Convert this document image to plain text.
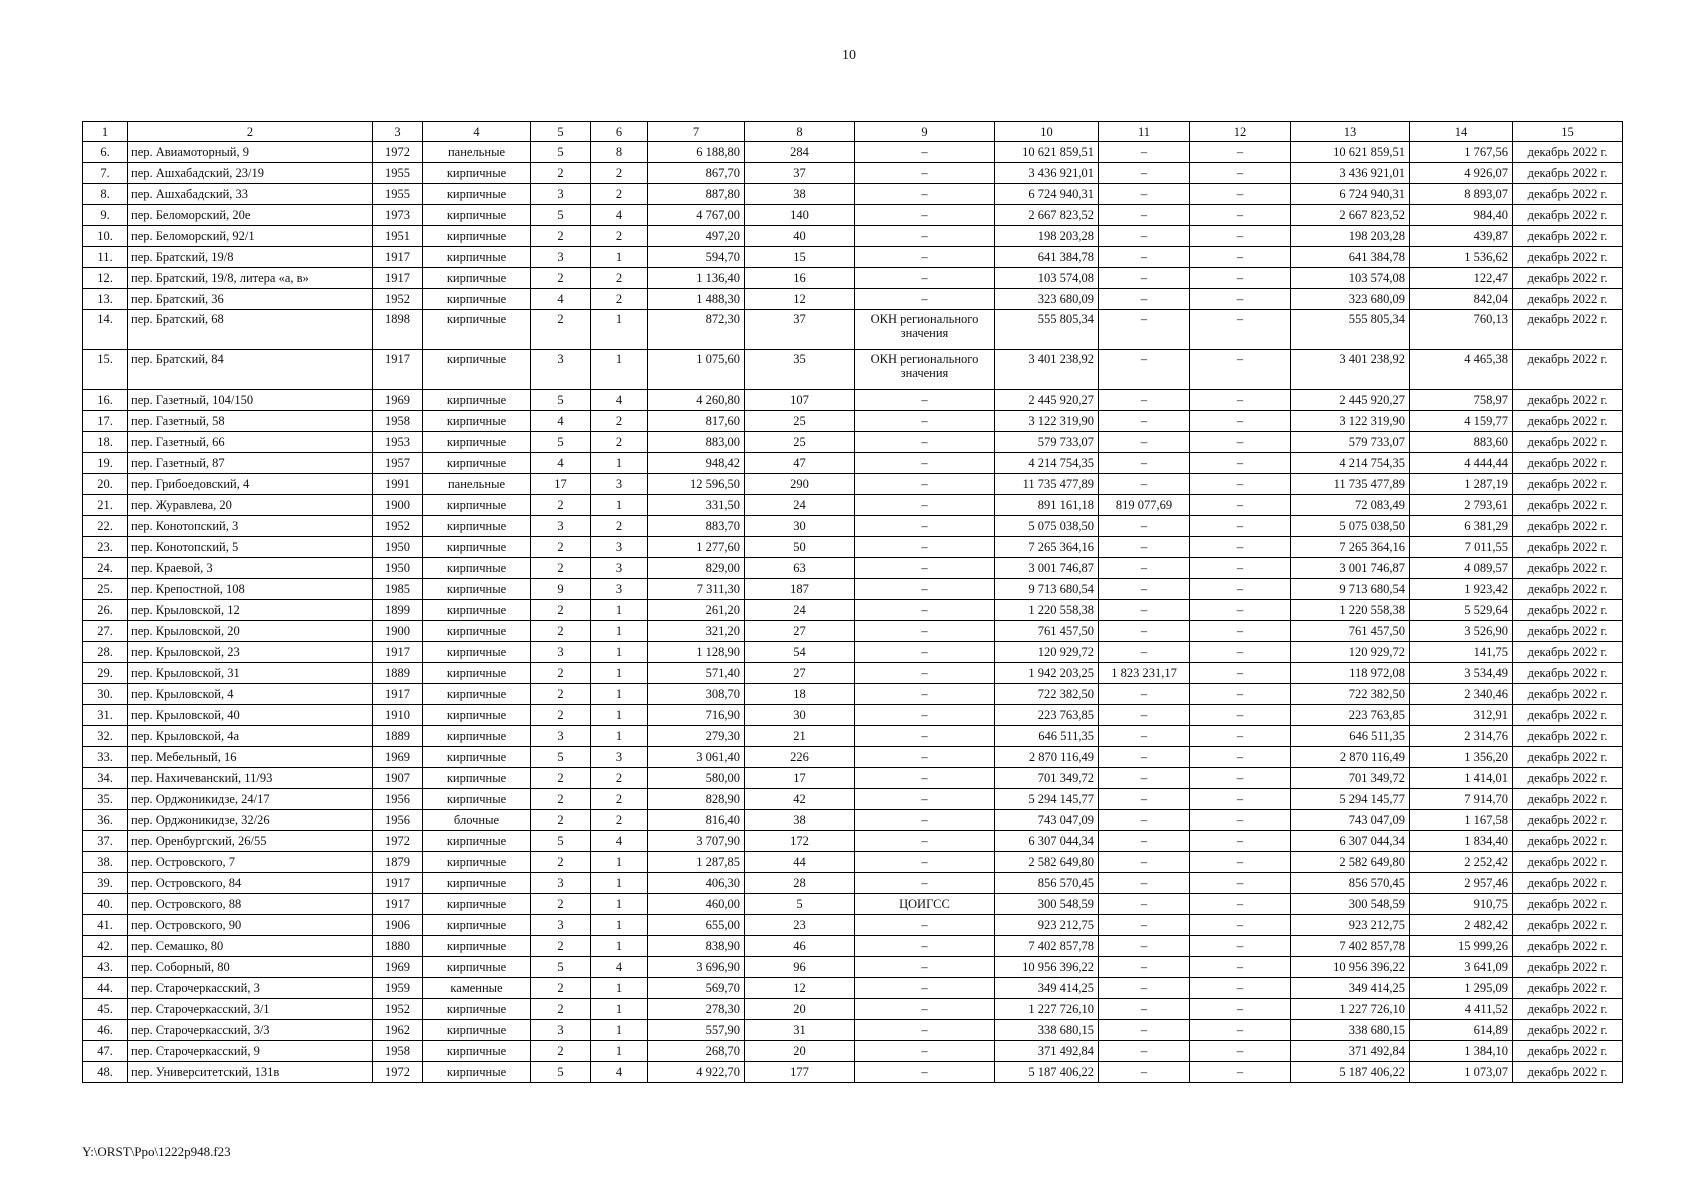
10
1	2	3	4	5	6	7	8	9	10	11	12	13	14	15
6.	пер. Авиамоторный, 9	1972	панельные	5	8	6 188,80	284	–	10 621 859,51	–	–	10 621 859,51	1 767,56	декабрь 2022 г.
7.	пер. Ашхабадский, 23/19	1955	кирпичные	2	2	867,70	37	–	3 436 921,01	–	–	3 436 921,01	4 926,07	декабрь 2022 г.
8.	пер. Ашхабадский, 33	1955	кирпичные	3	2	887,80	38	–	6 724 940,31	–	–	6 724 940,31	8 893,07	декабрь 2022 г.
9.	пер. Беломорский, 20е	1973	кирпичные	5	4	4 767,00	140	–	2 667 823,52	–	–	2 667 823,52	984,40	декабрь 2022 г.
10.	пер. Беломорский, 92/1	1951	кирпичные	2	2	497,20	40	–	198 203,28	–	–	198 203,28	439,87	декабрь 2022 г.
11.	пер. Братский, 19/8	1917	кирпичные	3	1	594,70	15	–	641 384,78	–	–	641 384,78	1 536,62	декабрь 2022 г.
12.	пер. Братский, 19/8, литера «а, в»	1917	кирпичные	2	2	1 136,40	16	–	103 574,08	–	–	103 574,08	122,47	декабрь 2022 г.
13.	пер. Братский, 36	1952	кирпичные	4	2	1 488,30	12	–	323 680,09	–	–	323 680,09	842,04	декабрь 2022 г.
14.	пер. Братский, 68	1898	кирпичные	2	1	872,30	37	ОКН регионального значения	555 805,34	–	–	555 805,34	760,13	декабрь 2022 г.
15.	пер. Братский, 84	1917	кирпичные	3	1	1 075,60	35	ОКН регионального значения	3 401 238,92	–	–	3 401 238,92	4 465,38	декабрь 2022 г.
16.	пер. Газетный, 104/150	1969	кирпичные	5	4	4 260,80	107	–	2 445 920,27	–	–	2 445 920,27	758,97	декабрь 2022 г.
17.	пер. Газетный, 58	1958	кирпичные	4	2	817,60	25	–	3 122 319,90	–	–	3 122 319,90	4 159,77	декабрь 2022 г.
18.	пер. Газетный, 66	1953	кирпичные	5	2	883,00	25	–	579 733,07	–	–	579 733,07	883,60	декабрь 2022 г.
19.	пер. Газетный, 87	1957	кирпичные	4	1	948,42	47	–	4 214 754,35	–	–	4 214 754,35	4 444,44	декабрь 2022 г.
20.	пер. Грибоедовский, 4	1991	панельные	17	3	12 596,50	290	–	11 735 477,89	–	–	11 735 477,89	1 287,19	декабрь 2022 г.
21.	пер. Журавлева, 20	1900	кирпичные	2	1	331,50	24	–	891 161,18	819 077,69	–	72 083,49	2 793,61	декабрь 2022 г.
22.	пер. Конотопский, 3	1952	кирпичные	3	2	883,70	30	–	5 075 038,50	–	–	5 075 038,50	6 381,29	декабрь 2022 г.
23.	пер. Конотопский, 5	1950	кирпичные	2	3	1 277,60	50	–	7 265 364,16	–	–	7 265 364,16	7 011,55	декабрь 2022 г.
24.	пер. Краевой, 3	1950	кирпичные	2	3	829,00	63	–	3 001 746,87	–	–	3 001 746,87	4 089,57	декабрь 2022 г.
25.	пер. Крепостной, 108	1985	кирпичные	9	3	7 311,30	187	–	9 713 680,54	–	–	9 713 680,54	1 923,42	декабрь 2022 г.
26.	пер. Крыловской, 12	1899	кирпичные	2	1	261,20	24	–	1 220 558,38	–	–	1 220 558,38	5 529,64	декабрь 2022 г.
27.	пер. Крыловской, 20	1900	кирпичные	2	1	321,20	27	–	761 457,50	–	–	761 457,50	3 526,90	декабрь 2022 г.
28.	пер. Крыловской, 23	1917	кирпичные	3	1	1 128,90	54	–	120 929,72	–	–	120 929,72	141,75	декабрь 2022 г.
29.	пер. Крыловской, 31	1889	кирпичные	2	1	571,40	27	–	1 942 203,25	1 823 231,17	–	118 972,08	3 534,49	декабрь 2022 г.
30.	пер. Крыловской, 4	1917	кирпичные	2	1	308,70	18	–	722 382,50	–	–	722 382,50	2 340,46	декабрь 2022 г.
31.	пер. Крыловской, 40	1910	кирпичные	2	1	716,90	30	–	223 763,85	–	–	223 763,85	312,91	декабрь 2022 г.
32.	пер. Крыловской, 4а	1889	кирпичные	3	1	279,30	21	–	646 511,35	–	–	646 511,35	2 314,76	декабрь 2022 г.
33.	пер. Мебельный, 16	1969	кирпичные	5	3	3 061,40	226	–	2 870 116,49	–	–	2 870 116,49	1 356,20	декабрь 2022 г.
34.	пер. Нахичеванский, 11/93	1907	кирпичные	2	2	580,00	17	–	701 349,72	–	–	701 349,72	1 414,01	декабрь 2022 г.
35.	пер. Орджоникидзе, 24/17	1956	кирпичные	2	2	828,90	42	–	5 294 145,77	–	–	5 294 145,77	7 914,70	декабрь 2022 г.
36.	пер. Орджоникидзе, 32/26	1956	блочные	2	2	816,40	38	–	743 047,09	–	–	743 047,09	1 167,58	декабрь 2022 г.
37.	пер. Оренбургский, 26/55	1972	кирпичные	5	4	3 707,90	172	–	6 307 044,34	–	–	6 307 044,34	1 834,40	декабрь 2022 г.
38.	пер. Островского, 7	1879	кирпичные	2	1	1 287,85	44	–	2 582 649,80	–	–	2 582 649,80	2 252,42	декабрь 2022 г.
39.	пер. Островского, 84	1917	кирпичные	3	1	406,30	28	–	856 570,45	–	–	856 570,45	2 957,46	декабрь 2022 г.
40.	пер. Островского, 88	1917	кирпичные	2	1	460,00	5	ЦОИГСС	300 548,59	–	–	300 548,59	910,75	декабрь 2022 г.
41.	пер. Островского, 90	1906	кирпичные	3	1	655,00	23	–	923 212,75	–	–	923 212,75	2 482,42	декабрь 2022 г.
42.	пер. Семашко, 80	1880	кирпичные	2	1	838,90	46	–	7 402 857,78	–	–	7 402 857,78	15 999,26	декабрь 2022 г.
43.	пер. Соборный, 80	1969	кирпичные	5	4	3 696,90	96	–	10 956 396,22	–	–	10 956 396,22	3 641,09	декабрь 2022 г.
44.	пер. Старочеркасский, 3	1959	каменные	2	1	569,70	12	–	349 414,25	–	–	349 414,25	1 295,09	декабрь 2022 г.
45.	пер. Старочеркасский, 3/1	1952	кирпичные	2	1	278,30	20	–	1 227 726,10	–	–	1 227 726,10	4 411,52	декабрь 2022 г.
46.	пер. Старочеркасский, 3/3	1962	кирпичные	3	1	557,90	31	–	338 680,15	–	–	338 680,15	614,89	декабрь 2022 г.
47.	пер. Старочеркасский, 9	1958	кирпичные	2	1	268,70	20	–	371 492,84	–	–	371 492,84	1 384,10	декабрь 2022 г.
48.	пер. Университетский, 131в	1972	кирпичные	5	4	4 922,70	177	–	5 187 406,22	–	–	5 187 406,22	1 073,07	декабрь 2022 г.
Y:\ORST\Ppo\1222p948.f23
